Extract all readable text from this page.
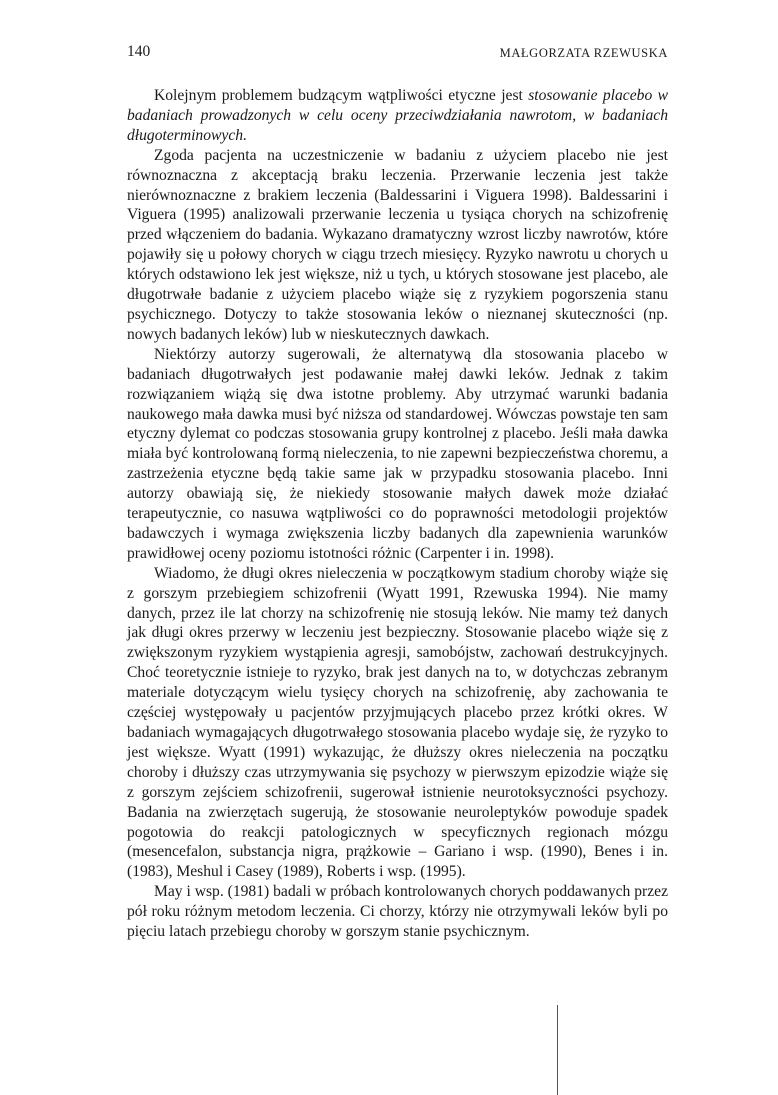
140	MAŁGORZATA RZEWUSKA

Kolejnym problemem budzącym wątpliwości etyczne jest stosowanie placebo w badaniach prowadzonych w celu oceny przeciwdziałania nawrotom, w badaniach długoterminowych.

Zgoda pacjenta na uczestniczenie w badaniu z użyciem placebo nie jest równoznaczna z akceptacją braku leczenia. Przerwanie leczenia jest także nierównoznaczne z brakiem leczenia (Baldessarini i Viguera 1998). Baldessarini i Viguera (1995) analizowali przerwanie leczenia u tysiąca chorych na schizofrenię przed włączeniem do badania. Wykazano dramatyczny wzrost liczby nawrotów, które pojawiły się u połowy chorych w ciągu trzech miesięcy. Ryzyko nawrotu u chorych u których odstawiono lek jest większe, niż u tych, u których stosowane jest placebo, ale długotrwałe badanie z użyciem placebo wiąże się z ryzykiem pogorszenia stanu psychicznego. Dotyczy to także stosowania leków o nieznanej skuteczności (np. nowych badanych leków) lub w nieskutecznych dawkach.

Niektórzy autorzy sugerowali, że alternatywą dla stosowania placebo w badaniach długotrwałych jest podawanie małej dawki leków. Jednak z takim rozwiązaniem wiążą się dwa istotne problemy. Aby utrzymać warunki badania naukowego mała dawka musi być niższa od standardowej. Wówczas powstaje ten sam etyczny dylemat co podczas stosowania grupy kontrolnej z placebo. Jeśli mała dawka miała być kontrolowaną formą nieleczenia, to nie zapewni bezpieczeństwa choremu, a zastrzeżenia etyczne będą takie same jak w przypadku stosowania placebo. Inni autorzy obawiają się, że niekiedy stosowanie małych dawek może działać terapeutycznie, co nasuwa wątpliwości co do poprawności metodologii projektów badawczych i wymaga zwiększenia liczby badanych dla zapewnienia warunków prawidłowej oceny poziomu istotności różnic (Carpenter i in. 1998).

Wiadomo, że długi okres nieleczenia w początkowym stadium choroby wiąże się z gorszym przebiegiem schizofrenii (Wyatt 1991, Rzewuska 1994). Nie mamy danych, przez ile lat chorzy na schizofrenię nie stosują leków. Nie mamy też danych jak długi okres przerwy w leczeniu jest bezpieczny. Stosowanie placebo wiąże się z zwiększonym ryzykiem wystąpienia agresji, samobójstw, zachowań destrukcyjnych. Choć teoretycznie istnieje to ryzyko, brak jest danych na to, w dotychczas zebranym materiale dotyczącym wielu tysięcy chorych na schizofrenię, aby zachowania te częściej występowały u pacjentów przyjmujących placebo przez krótki okres. W badaniach wymagających długotrwałego stosowania placebo wydaje się, że ryzyko to jest większe. Wyatt (1991) wykazując, że dłuższy okres nieleczenia na początku choroby i dłuższy czas utrzymywania się psychozy w pierwszym epizodzie wiąże się z gorszym zejściem schizofrenii, sugerował istnienie neurotoksyczności psychozy. Badania na zwierzętach sugerują, że stosowanie neuroleptyków powoduje spadek pogotowia do reakcji patologicznych w specyficznych regionach mózgu (mesencefalon, substancja nigra, prążkowie – Gariano i wsp. (1990), Benes i in. (1983), Meshul i Casey (1989), Roberts i wsp. (1995).

May i wsp. (1981) badali w próbach kontrolowanych chorych poddawanych przez pół roku różnym metodom leczenia. Ci chorzy, którzy nie otrzymywali leków byli po pięciu latach przebiegu choroby w gorszym stanie psychicznym.
